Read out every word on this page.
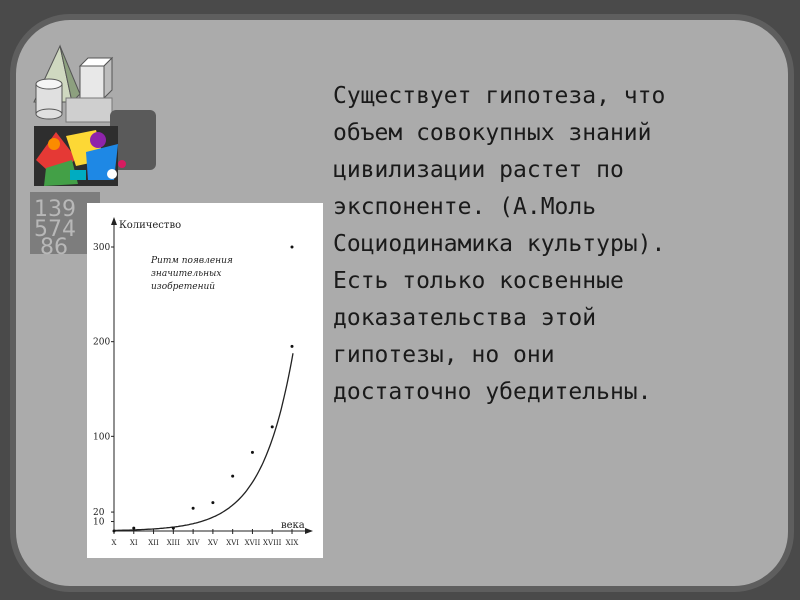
139
574
86
10
20
100
200
300
X XI XII XIII XIV XV XVI XVII XVIII XIX
Количество
века
Ритм появления
значительных
изобретений
Существует гипотеза, что
объем совокупных знаний
цивилизации растет по
экспоненте. (А.Моль
Социодинамика культуры).
Есть только косвенные
доказательства этой
гипотезы, но они
достаточно убедительны.
